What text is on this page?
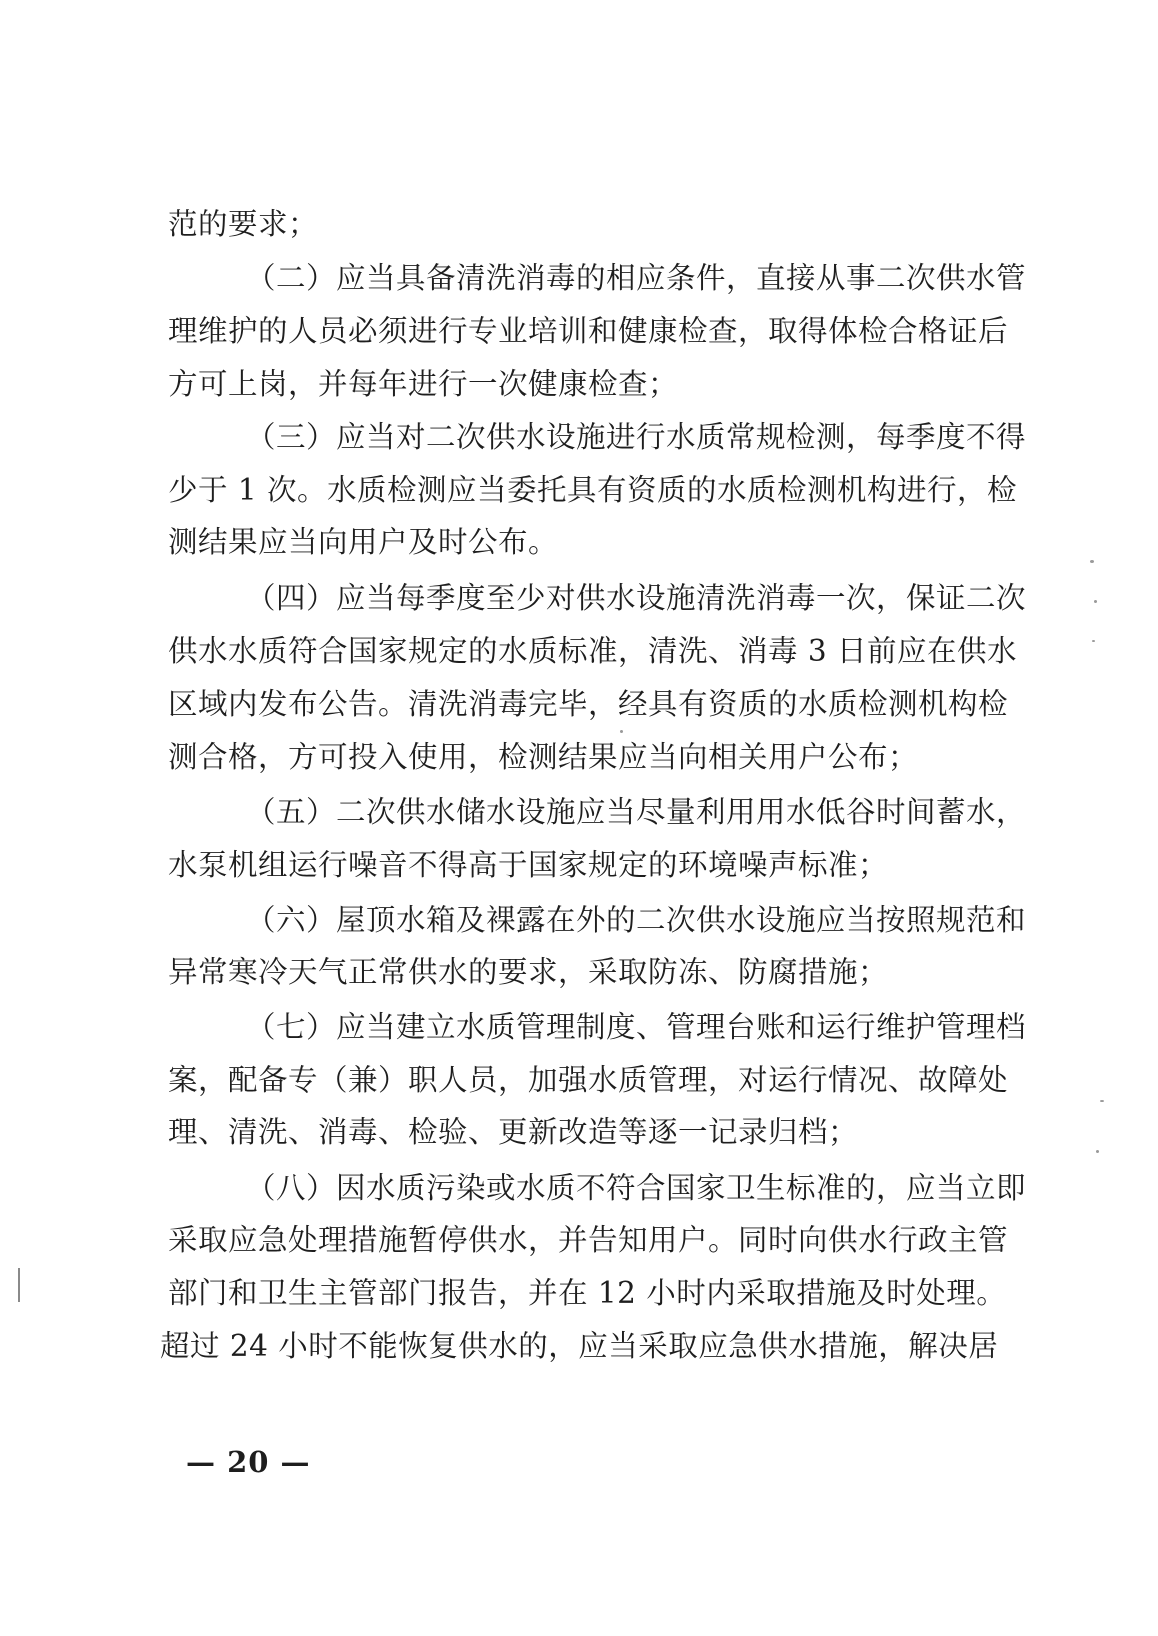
范的要求；
（二）应当具备清洗消毒的相应条件，直接从事二次供水管
理维护的人员必须进行专业培训和健康检查，取得体检合格证后
方可上岗，并每年进行一次健康检查；
（三）应当对二次供水设施进行水质常规检测，每季度不得
少于 1 次。水质检测应当委托具有资质的水质检测机构进行，检
测结果应当向用户及时公布。
（四）应当每季度至少对供水设施清洗消毒一次，保证二次
供水水质符合国家规定的水质标准，清洗、消毒 3 日前应在供水
区域内发布公告。清洗消毒完毕，经具有资质的水质检测机构检
测合格，方可投入使用，检测结果应当向相关用户公布；
（五）二次供水储水设施应当尽量利用用水低谷时间蓄水，
水泵机组运行噪音不得高于国家规定的环境噪声标准；
（六）屋顶水箱及裸露在外的二次供水设施应当按照规范和
异常寒冷天气正常供水的要求，采取防冻、防腐措施；
（七）应当建立水质管理制度、管理台账和运行维护管理档
案，配备专（兼）职人员，加强水质管理，对运行情况、故障处
理、清洗、消毒、检验、更新改造等逐一记录归档；
（八）因水质污染或水质不符合国家卫生标准的，应当立即
采取应急处理措施暂停供水，并告知用户。同时向供水行政主管
部门和卫生主管部门报告，并在 12 小时内采取措施及时处理。
超过 24 小时不能恢复供水的，应当采取应急供水措施，解决居
— 20 —
